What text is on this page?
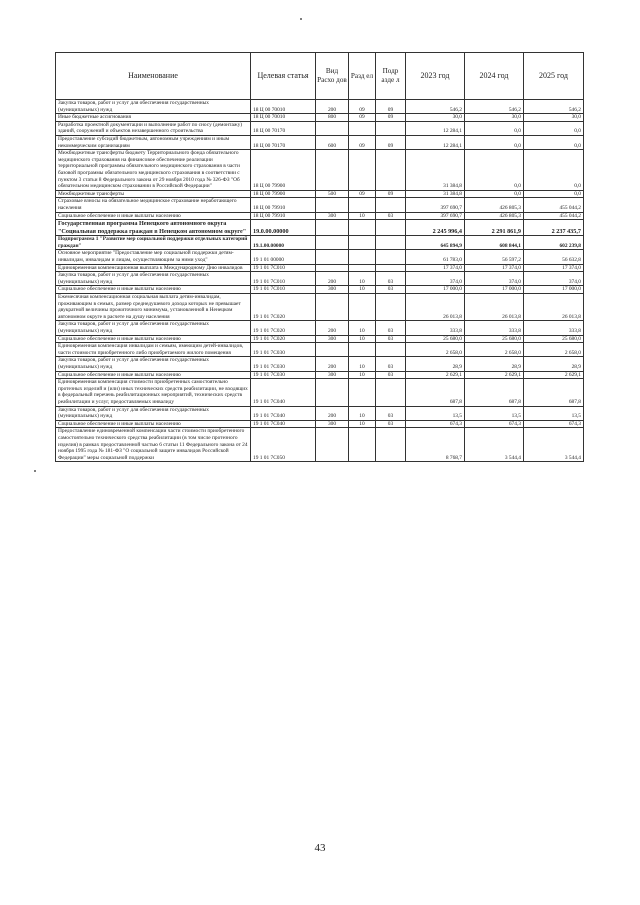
Наименование	Целевая статья	Вид Расхо дов	Разд ел	Подр азде л	2023 год	2024 год	2025 год
Закупка товаров, работ и услуг для обеспечения государственных (муниципальных) нужд	18 Ц 00 70010	200	09	09	546,2	546,2	546,2
Иные бюджетные ассигнования	18 Ц 00 70010	800	09	09	30,0	30,0	30,0
Разработка проектной документации и выполнение работ по сносу (демонтажу) зданий, сооружений и объектов незавершенного строительства	18 Ц 00 70170				12 284,1	0,0	0,0
Предоставление субсидий бюджетным, автономным учреждениям и иным некоммерческим организациям	18 Ц 00 70170	600	09	09	12 284,1	0,0	0,0
Межбюджетные трансферты бюджету Территориального фонда обязательного медицинского страхования на финансовое обеспечение реализации территориальной программы обязательного медицинского страхования в части базовой программы обязательного медицинского страхования в соответствии с пунктом 3 статьи 8 Федерального закона от 29 ноября 2010 года № 326-ФЗ "Об обязательном медицинском страховании в Российской Федерации"	18 Ц 00 79900				31 384,8	0,0	0,0
Межбюджетные трансферты	18 Ц 00 79900	500	09	09	31 384,8	0,0	0,0
Страховые взносы на обязательное медицинское страхование неработающего населения	18 Ц 00 79910				397 690,7	426 805,3	455 044,2
Социальное обеспечение и иные выплаты населению	18 Ц 00 79910	300	10	03	397 690,7	426 805,3	455 044,2
Государственная программа Ненецкого автономного округа "Социальная поддержка граждан в Ненецком автономном округе"	19.0.00.00000				2 245 996,4	2 291 861,9	2 237 435,7
Подпрограмма 1 "Развитие мер социальной поддержки отдельных категорий граждан"	19.1.00.00000				645 894,9	608 844,1	602 239,8
Основное мероприятие "Предоставление мер социальной поддержки детям-инвалидам, инвалидам и лицам, осуществляющим за ними уход"	19 1 01 00000				61 783,0	56 597,2	56 632,8
Единовременная компенсационная выплата к Международному Дню инвалидов	19 1 01 7C010				17 374,0	17 374,0	17 374,0
Закупка товаров, работ и услуг для обеспечения государственных (муниципальных) нужд	19 1 01 7C010	200	10	03	374,0	374,0	374,0
Социальное обеспечение и иные выплаты населению	19 1 01 7C010	300	10	03	17 000,0	17 000,0	17 000,0
Ежемесячная компенсационная социальная выплата детям-инвалидам, проживающим в семьях, размер среднедушевого дохода которых не превышает двукратной величины прожиточного минимума, установленной в Ненецком автономном округе в расчете на душу населения	19 1 01 7C020				26 013,8	26 013,8	26 013,8
Закупка товаров, работ и услуг для обеспечения государственных (муниципальных) нужд	19 1 01 7C020	200	10	03	333,8	333,8	333,8
Социальное обеспечение и иные выплаты населению	19 1 01 7C020	300	10	03	25 680,0	25 680,0	25 680,0
Единовременная компенсация инвалидам и семьям, имеющим детей-инвалидов, части стоимости приобретенного либо приобретаемого жилого помещения	19 1 01 7C030				2 658,0	2 658,0	2 658,0
Закупка товаров, работ и услуг для обеспечения государственных (муниципальных) нужд	19 1 01 7C030	200	10	03	28,9	28,9	28,9
Социальное обеспечение и иные выплаты населению	19 1 01 7C030	300	10	03	2 629,1	2 629,1	2 629,1
Единовременная компенсация стоимости приобретенных самостоятельно протезных изделий и (или) иных технических средств реабилитации, не входящих в федеральный перечень реабилитационных мероприятий, технических средств реабилитации и услуг, предоставляемых инвалиду	19 1 01 7C040				687,8	687,8	687,8
Закупка товаров, работ и услуг для обеспечения государственных (муниципальных) нужд	19 1 01 7C040	200	10	03	13,5	13,5	13,5
Социальное обеспечение и иные выплаты населению	19 1 01 7C040	300	10	03	674,3	674,3	674,3
Предоставление единовременной компенсации части стоимости приобретенного самостоятельно технического средства реабилитации (в том числе протезного изделия) в рамках предоставленной частью 6 статьи 11 Федерального закона от 24 ноября 1995 года № 181-ФЗ "О социальной защите инвалидов Российской Федерации" меры социальной поддержки	19 1 01 7C050				8 768,7	3 544,4	3 544,4
43
